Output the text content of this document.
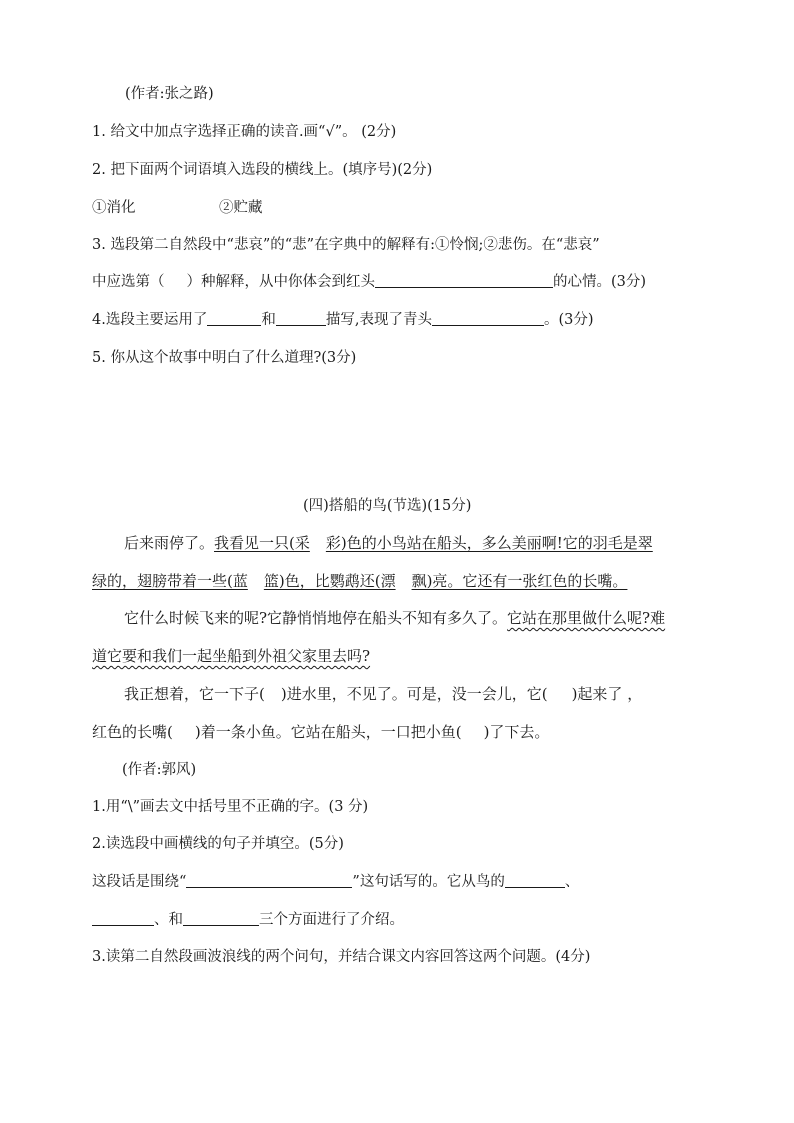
(作者:张之路)
1. 给文中加点字选择正确的读音.画“√”。 (2分)
2. 把下面两个词语填入选段的横线上。(填序号)(2分)
①消化	②贮藏
3. 选段第二自然段中“悲哀”的“悲”在字典中的解释有:①怜悯;②悲伤。在“悲哀”
中应选第（ ）种解释，从中你体会到红头	的心情。(3分)
4.选段主要运用了	和	描写,表现了青头	。(3分)
5. 你从这个故事中明白了什么道理?(3分)
(四)搭船的鸟(节选)(15分)
后来雨停了。我看见一只(采 彩)色的小鸟站在船头，多么美丽啊!它的羽毛是翠
绿的，翅膀带着一些(蓝 篮)色，比鹦鹉还(漂 飘)亮。它还有一张红色的长嘴。
它什么时候飞来的呢?它静悄悄地停在船头不知有多久了。它站在那里做什么呢?难
道它要和我们一起坐船到外祖父家里去吗?
我正想着，它一下子( )进水里，不见了。可是，没一会儿，它( )起来了 ，
红色的长嘴( )着一条小鱼。它站在船头，一口把小鱼( )了下去。
(作者:郭风)
1.用“\”画去文中括号里不正确的字。(3 分)
2.读选段中画横线的句子并填空。(5分)
这段话是围绕“	”这句话写的。它从鸟的	、
、和	三个方面进行了介绍。
3.读第二自然段画波浪线的两个问句，并结合课文内容回答这两个问题。(4分)
